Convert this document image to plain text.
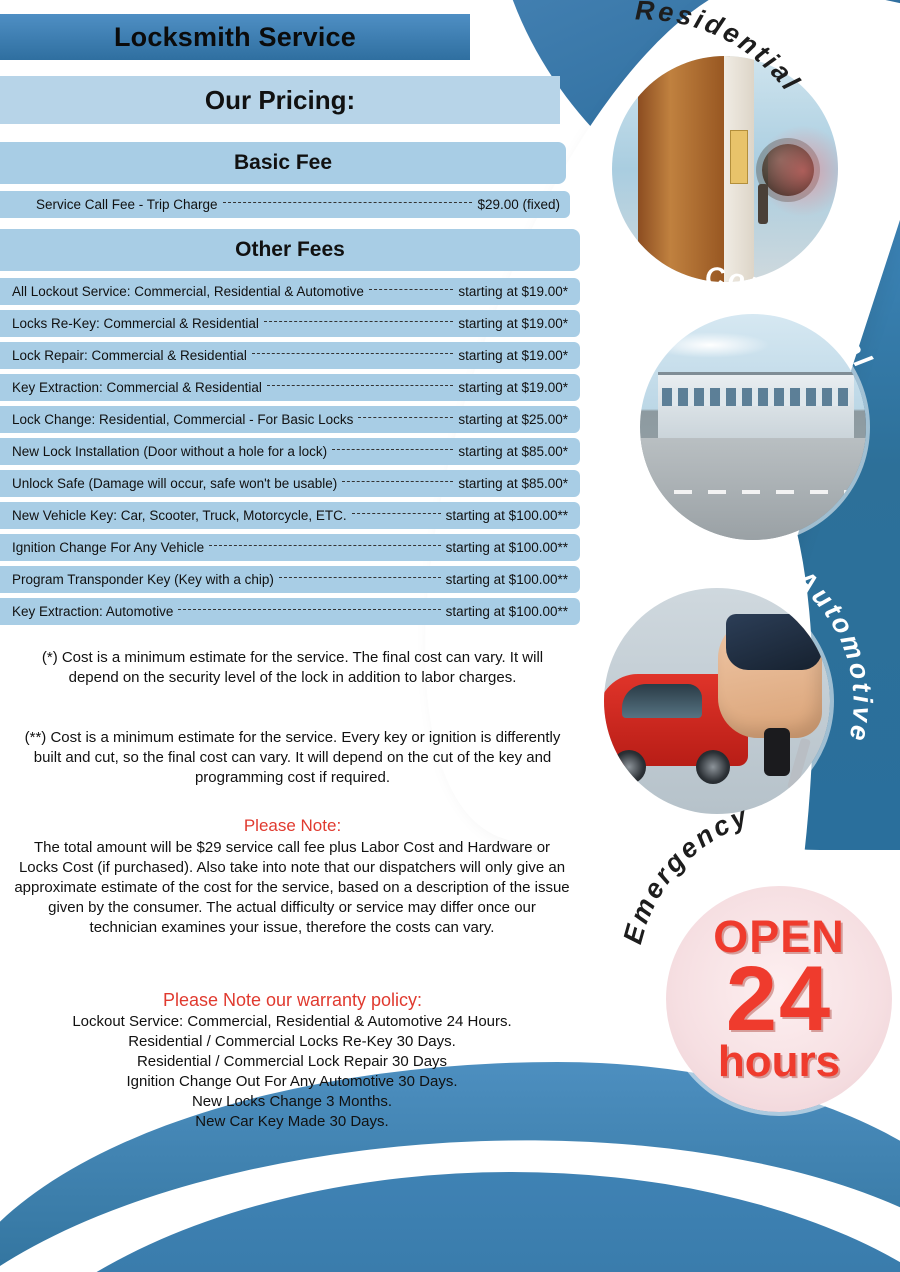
Locksmith Service
Our Pricing:
Basic Fee
Service Call Fee - Trip Charge	$29.00 (fixed)
Other Fees
All Lockout Service: Commercial, Residential & Automotive	starting at $19.00*
Locks Re-Key: Commercial & Residential	starting at $19.00*
Lock Repair: Commercial & Residential	starting at $19.00*
Key Extraction: Commercial & Residential	starting at $19.00*
Lock Change: Residential, Commercial - For Basic Locks	starting at $25.00*
New Lock Installation (Door without a hole for a lock)	starting at $85.00*
Unlock Safe (Damage will occur, safe won't be usable)	starting at $85.00*
New Vehicle Key: Car, Scooter, Truck, Motorcycle, ETC.	starting at $100.00**
Ignition Change For Any Vehicle	starting at $100.00**
Program Transponder Key (Key with a chip)	starting at $100.00**
Key Extraction: Automotive	starting at $100.00**
(*) Cost is a minimum estimate for the service. The final cost can vary. It will depend on the security level of the lock in addition to labor charges.
(**) Cost is a minimum estimate for the service. Every key or ignition is differently built and cut, so the final cost can vary. It will depend on the cut of the key and programming cost if required.
Please Note:
The total amount will be $29 service call fee plus Labor Cost and Hardware or Locks Cost (if purchased). Also take into note that our dispatchers will only give an approximate estimate of the cost for the service, based on a description of the issue given by the consumer. The actual difficulty or service may differ once our technician examines your issue, therefore the costs can vary.
Please Note our warranty policy:
Lockout Service: Commercial, Residential & Automotive 24 Hours.
Residential / Commercial Locks Re-Key 30 Days.
Residential / Commercial Lock Repair 30 Days
Ignition Change Out For Any Automotive 30 Days.
New Locks Change 3 Months.
New Car Key Made 30 Days.
OPEN
24
hours
Residential
Commercial
Automotive
Emergency
